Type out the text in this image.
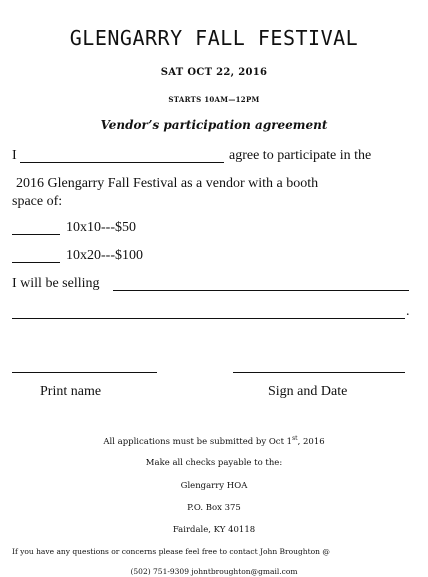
GLENGARRY FALL FESTIVAL
SAT OCT 22, 2016
STARTS 10AM—12PM
Vendor’s participation agreement
I	agree to participate in the
2016 Glengarry Fall Festival as a vendor with a booth
space of:
10x10---$50
10x20---$100
I will be selling
.
Print name	Sign and Date
All applications must be submitted by Oct 1st, 2016
Make all checks payable to the:
Glengarry HOA
P.O. Box 375
Fairdale, KY 40118
If you have any questions or concerns please feel free to contact John Broughton @
(502) 751-9309 johntbroughton@gmail.com
